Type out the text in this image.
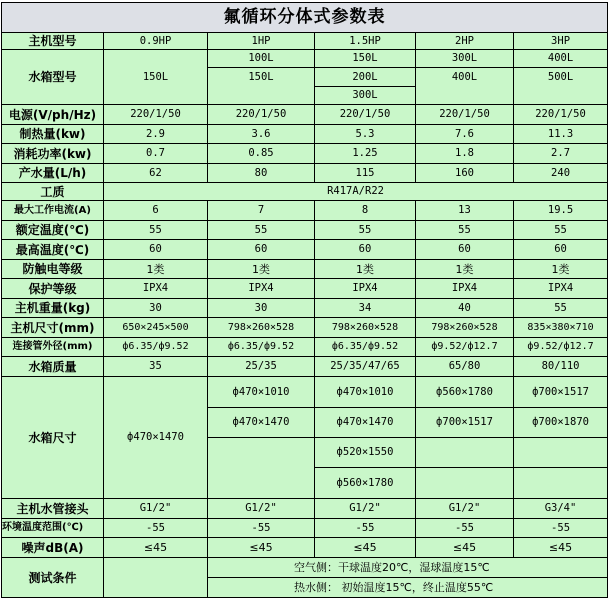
氟循环分体式参数表					
主机型号	0.9HP	1HP	1.5HP	2HP	3HP
水箱型号	150L	100L	150L	300L	400L
		150L	200L	400L	500L
			300L		
电源(V/ph/Hz)	220/1/50	220/1/50	220/1/50	220/1/50	220/1/50
制热量(kw)	2.9	3.6	5.3	7.6	11.3
消耗功率(kw)	0.7	0.85	1.25	1.8	2.7
产水量(L/h)	62	80	115	160	240
工质	R417A/R22				
最大工作电流(A)	6	7	8	13	19.5
额定温度(℃)	55	55	55	55	55
最高温度(℃)	60	60	60	60	60
防触电等级	1类	1类	1类	1类	1类
保护等级	IPX4	IPX4	IPX4	IPX4	IPX4
主机重量(kg)	30	30	34	40	55
主机尺寸(mm)	650×245×500	798×260×528	798×260×528	798×260×528	835×380×710
连接管外径(mm)	ф6.35/ф9.52	ф6.35/ф9.52	ф6.35/ф9.52	ф9.52/ф12.7	ф9.52/ф12.7
水箱质量	35	25/35	25/35/47/65	65/80	80/110
水箱尺寸	ф470×1470	ф470×1010	ф470×1010	ф560×1780	ф700×1517
		ф470×1470	ф470×1470	ф700×1517	ф700×1870
			ф520×1550		
			ф560×1780		
主机水管接头	G1/2"	G1/2"	G1/2"	G1/2"	G3/4"
环境温度范围(℃)	-55	-55	-55	-55	-55
噪声dB(A)	≤45	≤45	≤45	≤45	≤45
测试条件		空气侧：干球温度20℃，湿球温度15℃			
		热水侧： 初始温度15℃，终止温度55℃			
